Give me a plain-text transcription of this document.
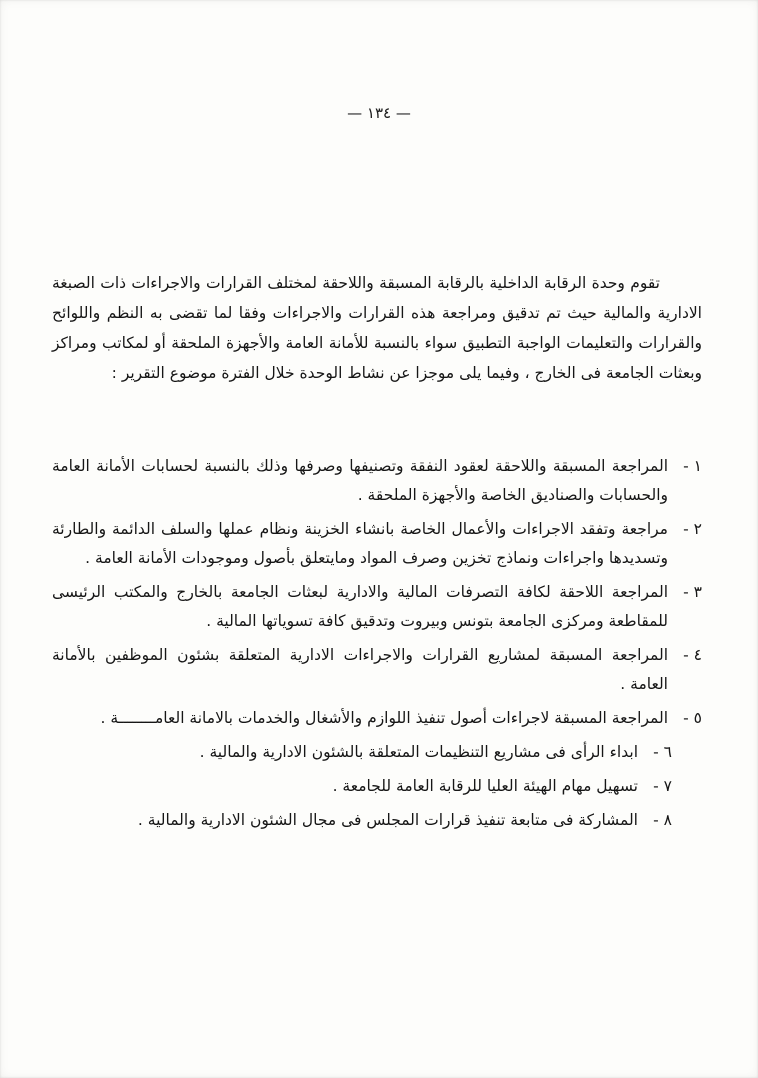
— ١٣٤ —

تقوم وحدة الرقابة الداخلية بالرقابة المسبقة واللاحقة لمختلف القرارات والاجراءات ذات الصبغة الادارية والمالية حيث تم تدقيق ومراجعة هذه القرارات والاجراءات وفقا لما تقضى به النظم واللوائح والقرارات والتعليمات الواجبة التطبيق سواء بالنسبة للأمانة العامة والأجهزة الملحقة أو لمكاتب ومراكز وبعثات الجامعة فى الخارج ، وفيما يلى موجزا عن نشاط الوحدة خلال الفترة موضوع التقرير :

١ -
المراجعة المسبقة واللاحقة لعقود النفقة وتصنيفها وصرفها وذلك بالنسبة لحسابات الأمانة العامة والحسابات والصناديق الخاصة والأجهزة الملحقة .
٢ -
مراجعة وتفقد الاجراءات والأعمال الخاصة بانشاء الخزينة ونظام عملها والسلف الدائمة والطارئة وتسديدها واجراءات ونماذج تخزين وصرف المواد ومايتعلق بأصول وموجودات الأمانة العامة .
٣ -
المراجعة اللاحقة لكافة التصرفات المالية والادارية لبعثات الجامعة بالخارج والمكتب الرئيسى للمقاطعة ومركزى الجامعة بتونس وبيروت وتدقيق كافة تسوياتها المالية .
٤ -
المراجعة المسبقة لمشاريع القرارات والاجراءات الادارية المتعلقة بشئون الموظفين بالأمانة العامة .
٥ -
المراجعة المسبقة لاجراءات أصول تنفيذ اللوازم والأشغال والخدمات بالامانة العامــــــــة .
٦ -
ابداء الرأى فى مشاريع التنظيمات المتعلقة بالشئون الادارية والمالية .
٧ -
تسهيل مهام الهيئة العليا للرقابة العامة للجامعة .
٨ -
المشاركة فى متابعة تنفيذ قرارات المجلس فى مجال الشئون الادارية والمالية .
